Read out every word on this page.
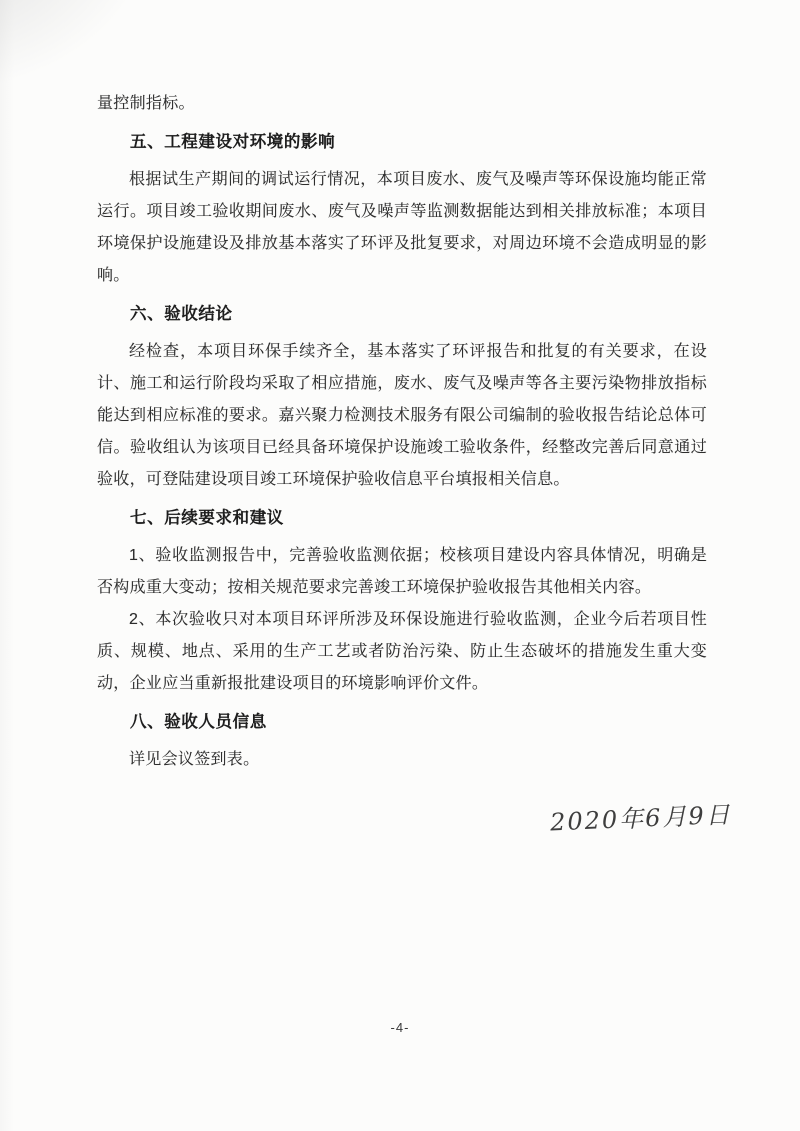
量控制指标。

五、工程建设对环境的影响

根据试生产期间的调试运行情况，本项目废水、废气及噪声等环保设施均能正常运行。项目竣工验收期间废水、废气及噪声等监测数据能达到相关排放标准；本项目环境保护设施建设及排放基本落实了环评及批复要求，对周边环境不会造成明显的影响。

六、验收结论

经检查，本项目环保手续齐全，基本落实了环评报告和批复的有关要求，在设计、施工和运行阶段均采取了相应措施，废水、废气及噪声等各主要污染物排放指标能达到相应标准的要求。嘉兴聚力检测技术服务有限公司编制的验收报告结论总体可信。验收组认为该项目已经具备环境保护设施竣工验收条件，经整改完善后同意通过验收，可登陆建设项目竣工环境保护验收信息平台填报相关信息。

七、后续要求和建议

1、验收监测报告中，完善验收监测依据；校核项目建设内容具体情况，明确是否构成重大变动；按相关规范要求完善竣工环境保护验收报告其他相关内容。

2、本次验收只对本项目环评所涉及环保设施进行验收监测，企业今后若项目性质、规模、地点、采用的生产工艺或者防治污染、防止生态破坏的措施发生重大变动，企业应当重新报批建设项目的环境影响评价文件。

八、验收人员信息

详见会议签到表。

2020年6月9日
-4-
